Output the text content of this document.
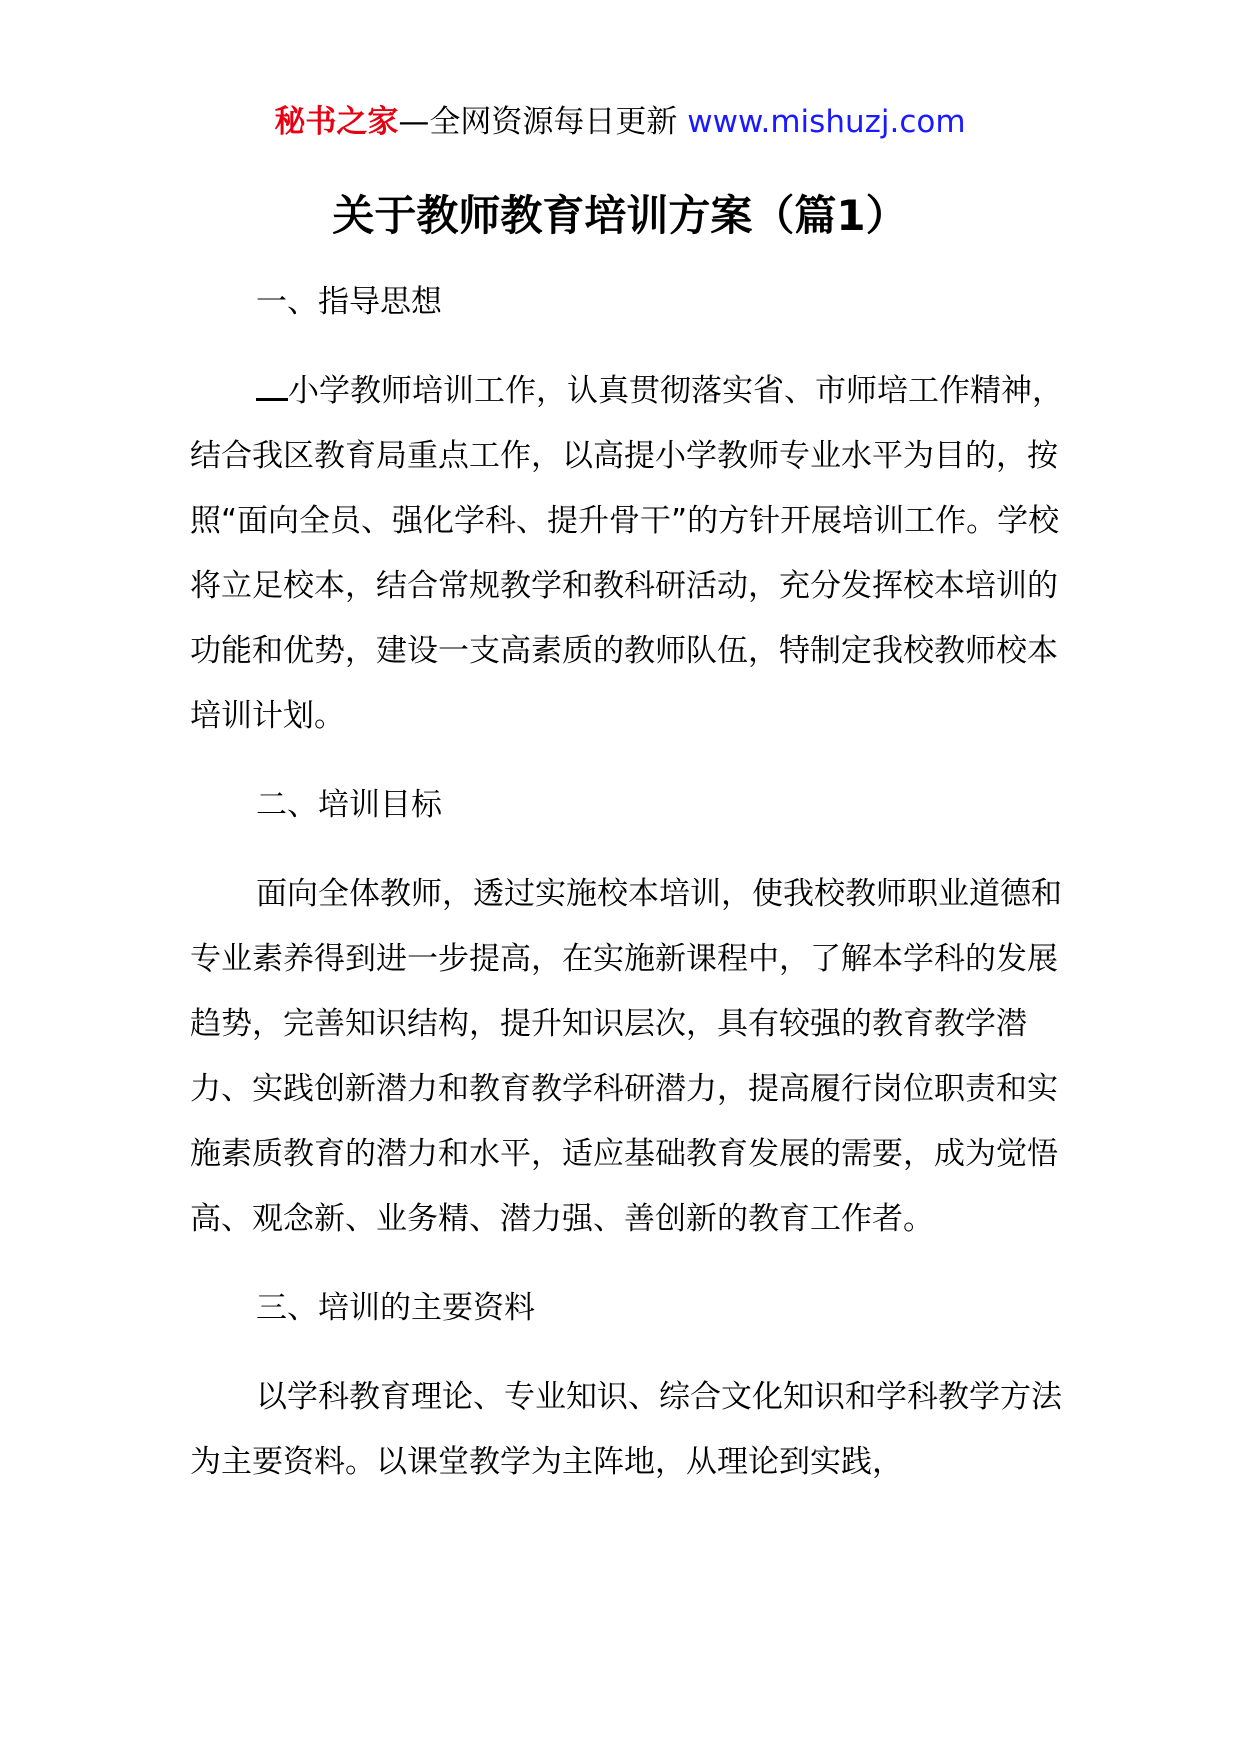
秘书之家—全网资源每日更新 www.mishuzj.com
关于教师教育培训方案（篇1）

一、指导思想

小学教师培训工作，认真贯彻落实省、市师培工作精神，结合我区教育局重点工作，以高提小学教师专业水平为目的，按照“面向全员、强化学科、提升骨干”的方针开展培训工作。学校将立足校本，结合常规教学和教科研活动，充分发挥校本培训的功能和优势，建设一支高素质的教师队伍，特制定我校教师校本培训计划。

二、培训目标

面向全体教师，透过实施校本培训，使我校教师职业道德和专业素养得到进一步提高，在实施新课程中，了解本学科的发展趋势，完善知识结构，提升知识层次，具有较强的教育教学潜力、实践创新潜力和教育教学科研潜力，提高履行岗位职责和实施素质教育的潜力和水平，适应基础教育发展的需要，成为觉悟高、观念新、业务精、潜力强、善创新的教育工作者。

三、培训的主要资料

以学科教育理论、专业知识、综合文化知识和学科教学方法为主要资料。以课堂教学为主阵地，从理论到实践，
